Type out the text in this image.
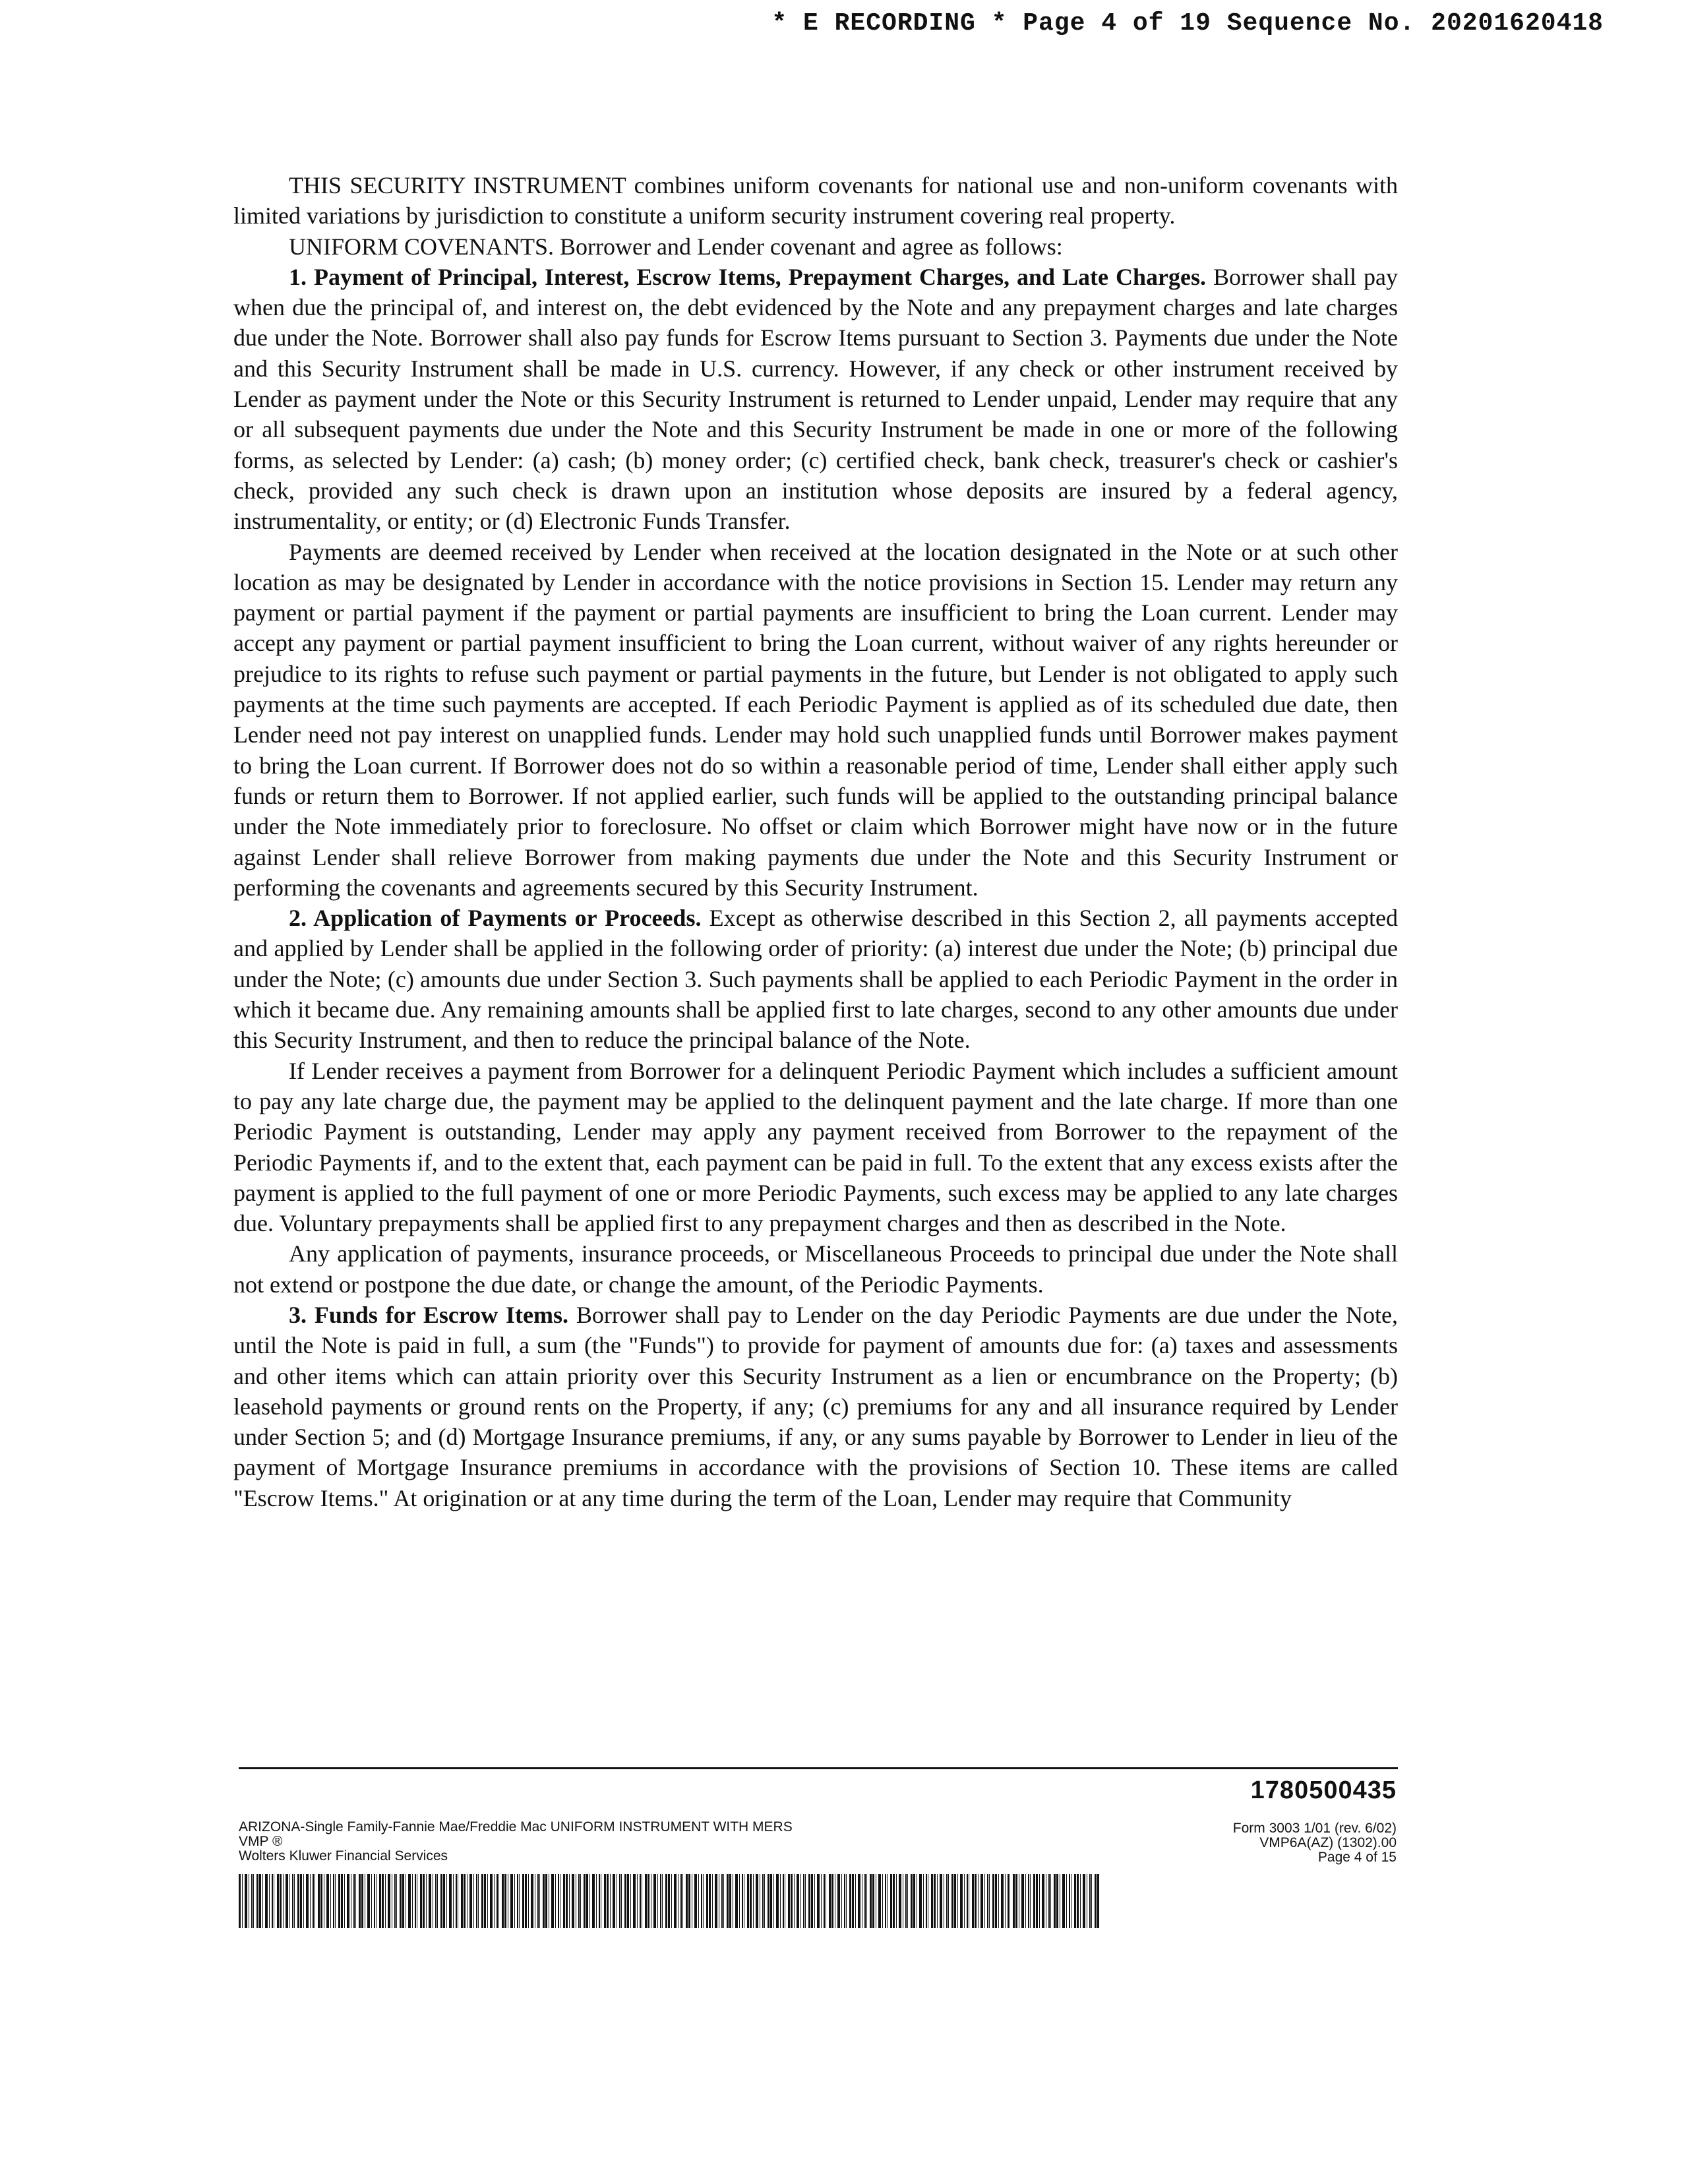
* E RECORDING * Page 4 of 19 Sequence No. 20201620418

THIS SECURITY INSTRUMENT combines uniform covenants for national use and non-uniform covenants with limited variations by jurisdiction to constitute a uniform security instrument covering real property.

UNIFORM COVENANTS. Borrower and Lender covenant and agree as follows:

1. Payment of Principal, Interest, Escrow Items, Prepayment Charges, and Late Charges. Borrower shall pay when due the principal of, and interest on, the debt evidenced by the Note and any prepayment charges and late charges due under the Note. Borrower shall also pay funds for Escrow Items pursuant to Section 3. Payments due under the Note and this Security Instrument shall be made in U.S. currency. However, if any check or other instrument received by Lender as payment under the Note or this Security Instrument is returned to Lender unpaid, Lender may require that any or all subsequent payments due under the Note and this Security Instrument be made in one or more of the following forms, as selected by Lender: (a) cash; (b) money order; (c) certified check, bank check, treasurer's check or cashier's check, provided any such check is drawn upon an institution whose deposits are insured by a federal agency, instrumentality, or entity; or (d) Electronic Funds Transfer.

Payments are deemed received by Lender when received at the location designated in the Note or at such other location as may be designated by Lender in accordance with the notice provisions in Section 15. Lender may return any payment or partial payment if the payment or partial payments are insufficient to bring the Loan current. Lender may accept any payment or partial payment insufficient to bring the Loan current, without waiver of any rights hereunder or prejudice to its rights to refuse such payment or partial payments in the future, but Lender is not obligated to apply such payments at the time such payments are accepted. If each Periodic Payment is applied as of its scheduled due date, then Lender need not pay interest on unapplied funds. Lender may hold such unapplied funds until Borrower makes payment to bring the Loan current. If Borrower does not do so within a reasonable period of time, Lender shall either apply such funds or return them to Borrower. If not applied earlier, such funds will be applied to the outstanding principal balance under the Note immediately prior to foreclosure. No offset or claim which Borrower might have now or in the future against Lender shall relieve Borrower from making payments due under the Note and this Security Instrument or performing the covenants and agreements secured by this Security Instrument.

2. Application of Payments or Proceeds. Except as otherwise described in this Section 2, all payments accepted and applied by Lender shall be applied in the following order of priority: (a) interest due under the Note; (b) principal due under the Note; (c) amounts due under Section 3. Such payments shall be applied to each Periodic Payment in the order in which it became due. Any remaining amounts shall be applied first to late charges, second to any other amounts due under this Security Instrument, and then to reduce the principal balance of the Note.

If Lender receives a payment from Borrower for a delinquent Periodic Payment which includes a sufficient amount to pay any late charge due, the payment may be applied to the delinquent payment and the late charge. If more than one Periodic Payment is outstanding, Lender may apply any payment received from Borrower to the repayment of the Periodic Payments if, and to the extent that, each payment can be paid in full. To the extent that any excess exists after the payment is applied to the full payment of one or more Periodic Payments, such excess may be applied to any late charges due. Voluntary prepayments shall be applied first to any prepayment charges and then as described in the Note.

Any application of payments, insurance proceeds, or Miscellaneous Proceeds to principal due under the Note shall not extend or postpone the due date, or change the amount, of the Periodic Payments.

3. Funds for Escrow Items. Borrower shall pay to Lender on the day Periodic Payments are due under the Note, until the Note is paid in full, a sum (the "Funds") to provide for payment of amounts due for: (a) taxes and assessments and other items which can attain priority over this Security Instrument as a lien or encumbrance on the Property; (b) leasehold payments or ground rents on the Property, if any; (c) premiums for any and all insurance required by Lender under Section 5; and (d) Mortgage Insurance premiums, if any, or any sums payable by Borrower to Lender in lieu of the payment of Mortgage Insurance premiums in accordance with the provisions of Section 10. These items are called "Escrow Items." At origination or at any time during the term of the Loan, Lender may require that Community

1780500435
ARIZONA-Single Family-Fannie Mae/Freddie Mac UNIFORM INSTRUMENT WITH MERS
VMP ®
Wolters Kluwer Financial Services
Form 3003 1/01 (rev. 6/02)
VMP6A(AZ) (1302).00
Page 4 of 15
